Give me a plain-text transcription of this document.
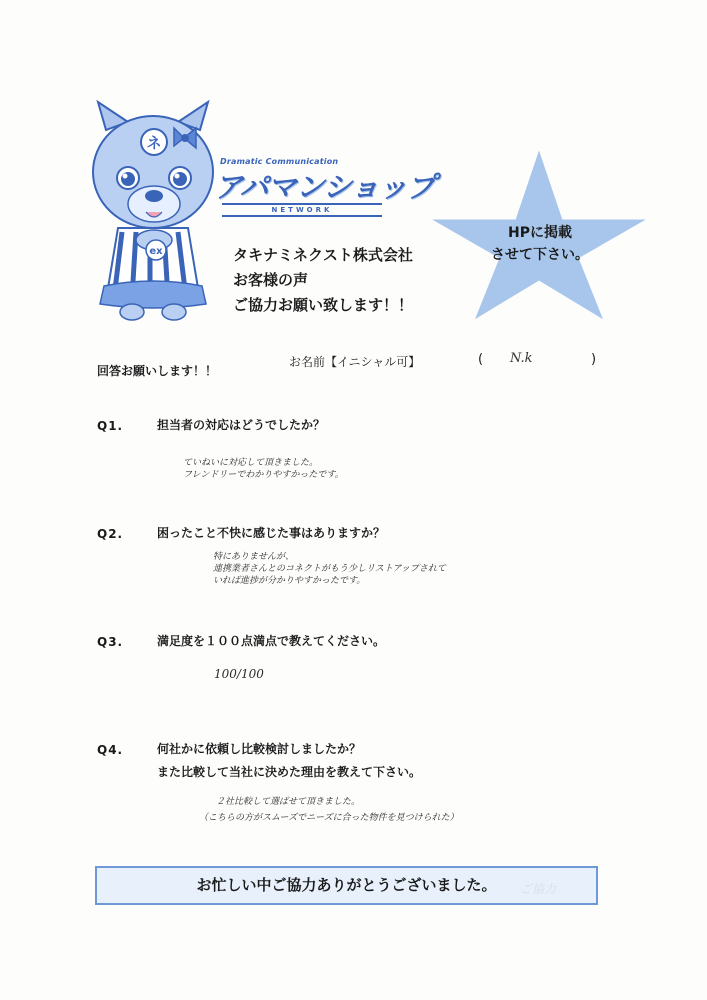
ネ
ex
Dramatic Communication
アパマンショップ
NETWORK
タキナミネクスト株式会社
お客様の声
ご協力お願い致します！！
HPに掲載
させて下さい。
回答お願いします！！
お名前【イニシャル可】	( N.k	)
Q1.	担当者の対応はどうでしたか？
ていねいに対応して頂きました。
フレンドリーでわかりやすかったです。
Q2.	困ったこと不快に感じた事はありますか？
特にありませんが、
連携業者さんとのコネクトがもう少しリストアップされて
いれば進捗が分かりやすかったです。
Q3.	満足度を１００点満点で教えてください。
100/100
Q4.	何社かに依頼し比較検討しましたか？
また比較して当社に決めた理由を教えて下さい。
２社比較して選ばせて頂きました。
（こちらの方がスムーズでニーズに合った物件を見つけられた）
お忙しい中ご協力ありがとうございました。	ご協力
